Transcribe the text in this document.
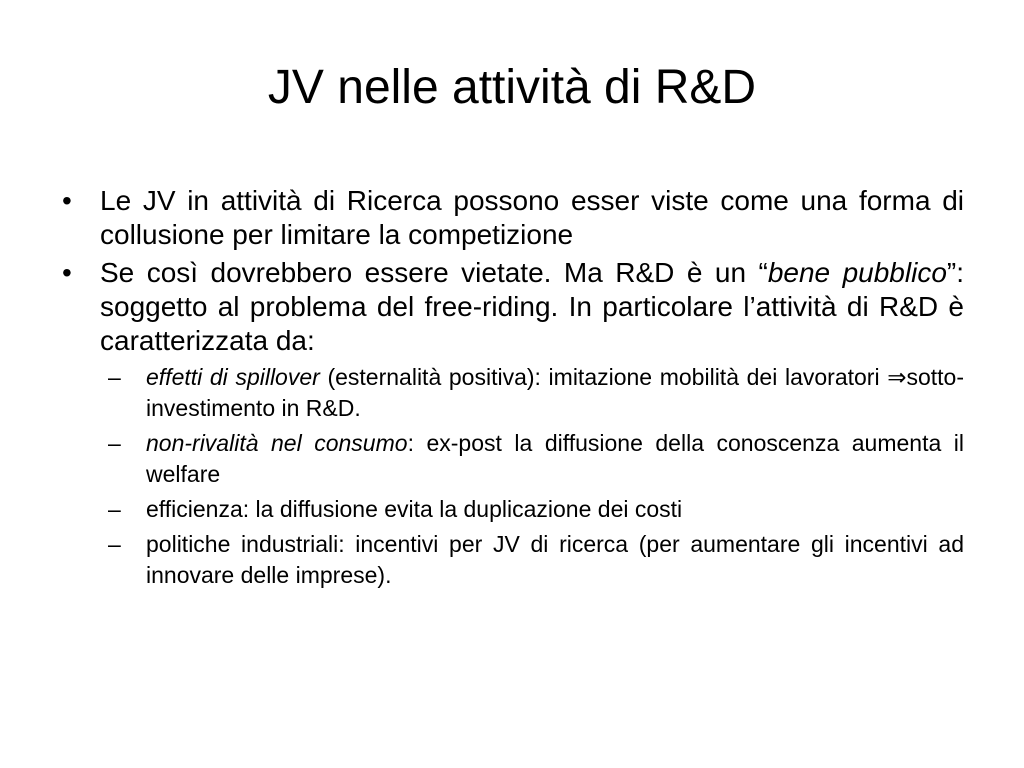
JV nelle attività di R&D
•	Le JV in attività di Ricerca possono esser viste come una forma di collusione per limitare la competizione
•	Se così dovrebbero essere vietate. Ma R&D è un “bene pubblico”: soggetto al problema del free-riding. In particolare l’attività di R&D è caratterizzata da:
– effetti di spillover (esternalità positiva): imitazione mobilità dei lavoratori ⇒sotto-investimento in R&D.
– non-rivalità nel consumo: ex-post la diffusione della conoscenza aumenta il welfare
– efficienza: la diffusione evita la duplicazione dei costi
– politiche industriali: incentivi per JV di ricerca (per aumentare gli incentivi ad innovare delle imprese).
